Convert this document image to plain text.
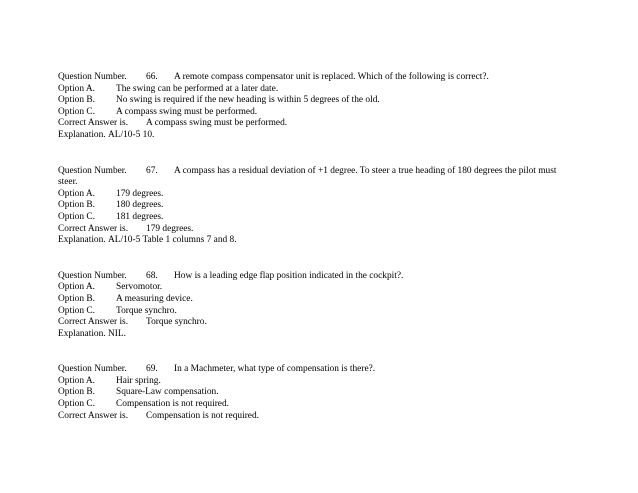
Question Number. 66. A remote compass compensator unit is replaced. Which of the following is correct?.
Option A. The swing can be performed at a later date.
Option B. No swing is required if the new heading is within 5 degrees of the old.
Option C. A compass swing must be performed.
Correct Answer is. A compass swing must be performed.
Explanation. AL/10-5 10.
Question Number. 67. A compass has a residual deviation of +1 degree. To steer a true heading of 180 degrees the pilot must steer.
Option A. 179 degrees.
Option B. 180 degrees.
Option C. 181 degrees.
Correct Answer is. 179 degrees.
Explanation. AL/10-5 Table 1 columns 7 and 8.
Question Number. 68. How is a leading edge flap position indicated in the cockpit?.
Option A. Servomotor.
Option B. A measuring device.
Option C. Torque synchro.
Correct Answer is. Torque synchro.
Explanation. NIL.
Question Number. 69. In a Machmeter, what type of compensation is there?.
Option A. Hair spring.
Option B. Square-Law compensation.
Option C. Compensation is not required.
Correct Answer is. Compensation is not required.
